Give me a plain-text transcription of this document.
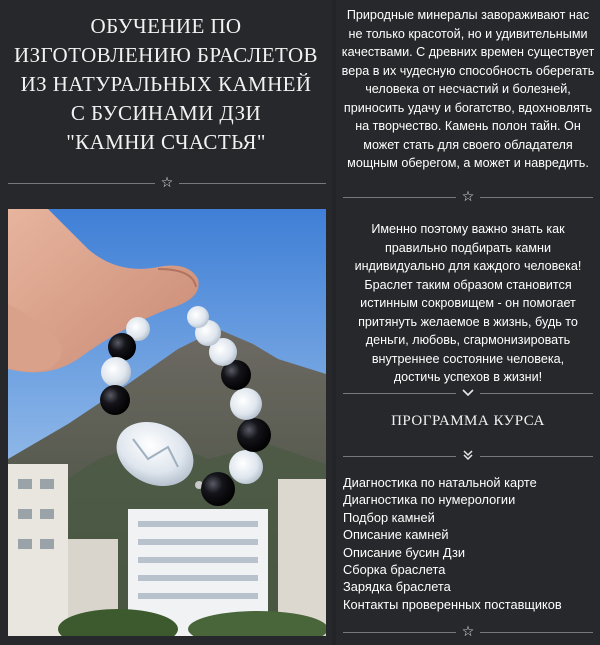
ОБУЧЕНИЕ ПО
ИЗГОТОВЛЕНИЮ БРАСЛЕТОВ
ИЗ НАТУРАЛЬНЫХ КАМНЕЙ
С БУСИНАМИ ДЗИ
"КАМНИ СЧАСТЬЯ"
☆

Природные минералы завораживают нас не только красотой, но и удивительными качествами. С древних времен существует вера в их чудесную способность оберегать человека от несчастий и болезней, приносить удачу и богатство, вдохновлять на творчество. Камень полон тайн. Он может стать для своего обладателя мощным оберегом, а может и навредить.

☆

Именно поэтому важно знать как правильно подбирать камни индивидуально для каждого человека! Браслет таким образом становится истинным сокровищем - он помогает притянуть желаемое в жизнь, будь то деньги, любовь, сгармонизировать внутреннее состояние человека, достичь успехов в жизни!

ПРОГРАММА КУРСА
Диагностика по натальной карте
Диагностика по нумерологии
Подбор камней
Описание камней
Описание бусин Дзи
Сборка браслета
Зарядка браслета
Контакты проверенных поставщиков
☆
